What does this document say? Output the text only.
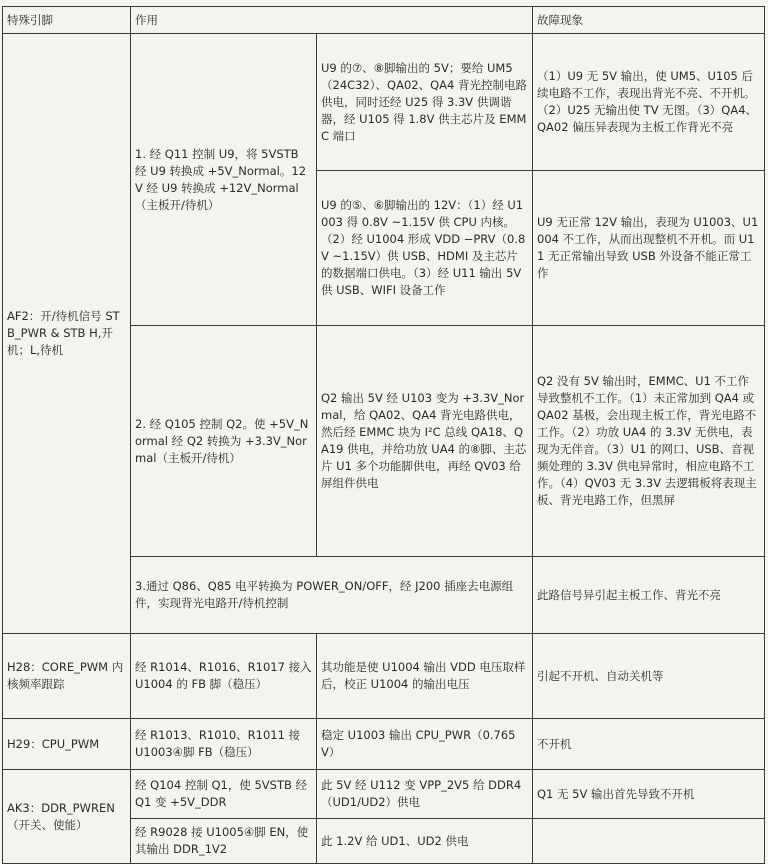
特殊引脚	作用		故障现象
AF2：开/待机信号 STB_PWR & STB H,开机；L,待机	1. 经 Q11 控制 U9，将 5VSTB 经 U9 转换成 +5V_Normal。12V 经 U9 转换成 +12V_Normal（主板开/待机）	U9 的⑦、⑧脚输出的 5V；要给 UM5（24C32）、QA02、QA4 背光控制电路供电，同时还经 U25 得 3.3V 供调谐器，经 U105 得 1.8V 供主芯片及 EMMC 端口	（1）U9 无 5V 输出，使 UM5、U105 后续电路不工作，表现出背光不亮、不开机。（2）U25 无输出使 TV 无图。（3）QA4、QA02 偏压异表现为主板工作背光不亮
		U9 的⑤、⑥脚输出的 12V：（1）经 U1003 得 0.8V ~1.15V 供 CPU 内核。（2）经 U1004 形成 VDD −PRV（0.8V ~1.15V）供 USB、HDMI 及主芯片的数据端口供电。（3）经 U11 输出 5V 供 USB、WIFI 设备工作	U9 无正常 12V 输出，表现为 U1003、U1004 不工作，从而出现整机不开机。而 U11 无正常输出导致 USB 外设备不能正常工作
	2. 经 Q105 控制 Q2。使 +5V_Normal 经 Q2 转换为 +3.3V_Normal（主板开/待机）	Q2 输出 5V 经 U103 变为 +3.3V_Normal，给 QA02、QA4 背光电路供电，然后经 EMMC 块为 I²C 总线 QA18、QA19 供电，并给功放 UA4 的⑧脚、主芯片 U1 多个功能脚供电，再经 QV03 给屏组件供电	Q2 没有 5V 输出时，EMMC、U1 不工作导致整机不工作。（1）未正常加到 QA4 或 QA02 基极，会出现主板工作，背光电路不工作。（2）功放 UA4 的 3.3V 无供电，表现为无伴音。（3）U1 的网口、USB、音视频处理的 3.3V 供电异常时，相应电路不工作。（4）QV03 无 3.3V 去逻辑板将表现主板、背光电路工作，但黑屏
	3.通过 Q86、Q85 电平转换为 POWER_ON/OFF，经 J200 插座去电源组件，实现背光电路开/待机控制		此路信号异引起主板工作、背光不亮
H28：CORE_PWM 内核频率跟踪	经 R1014、R1016、R1017 接入 U1004 的 FB 脚（稳压）	其功能是使 U1004 输出 VDD 电压取样后，校正 U1004 的输出电压	引起不开机、自动关机等
H29：CPU_PWM	经 R1013、R1010、R1011 接 U1003④脚 FB（稳压）	稳定 U1003 输出 CPU_PWR（0.765V）	不开机
AK3：DDR_PWREN（开关、使能）	经 Q104 控制 Q1，使 5VSTB 经 Q1 变 +5V_DDR	此 5V 经 U112 变 VPP_2V5 给 DDR4（UD1/UD2）供电	Q1 无 5V 输出首先导致不开机
	经 R9028 接 U1005④脚 EN，使其输出 DDR_1V2	此 1.2V 给 UD1、UD2 供电	
